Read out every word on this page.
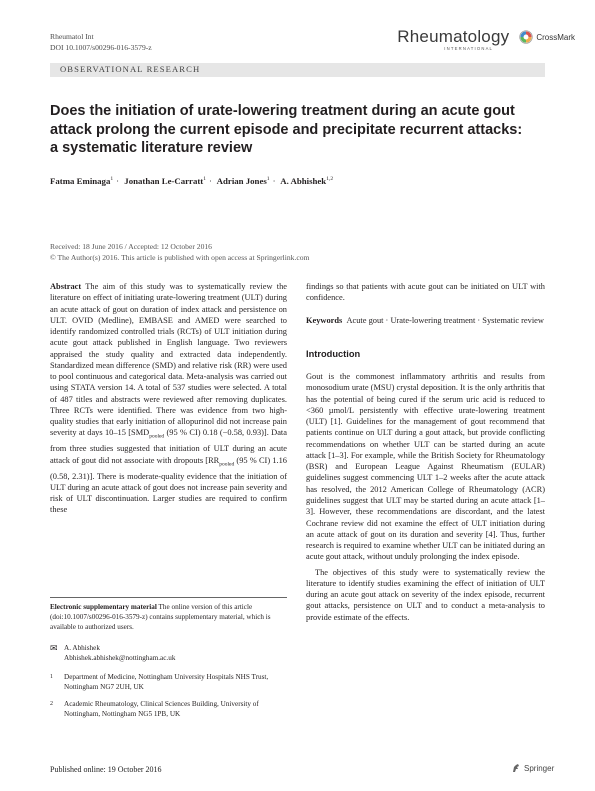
Rheumatol Int
DOI 10.1007/s00296-016-3579-z
Rheumatology
INTERNATIONAL
CrossMark
OBSERVATIONAL RESEARCH
Does the initiation of urate-lowering treatment during an acute gout attack prolong the current episode and precipitate recurrent attacks: a systematic literature review
Fatma Eminaga$^1$ · Jonathan Le-Carratt$^1$ · Adrian Jones$^1$ · A. Abhishek$^{1,2}$
Received: 18 June 2016 / Accepted: 12 October 2016
© The Author(s) 2016. This article is published with open access at Springerlink.com

Abstract The aim of this study was to systematically review the literature on effect of initiating urate-lowering treatment (ULT) during an acute attack of gout on duration of index attack and persistence on ULT. OVID (Medline), EMBASE and AMED were searched to identify randomized controlled trials (RCTs) of ULT initiation during acute gout attack published in English language. Two reviewers appraised the study quality and extracted data independently. Standardized mean difference (SMD) and relative risk (RR) were used to pool continuous and categorical data. Meta-analysis was carried out using STATA version 14. A total of 537 studies were selected. A total of 487 titles and abstracts were reviewed after removing duplicates. Three RCTs were identified. There was evidence from two high-quality studies that early initiation of allopurinol did not increase pain severity at days 10–15 [$SMD_{pooled}$ (95 % CI) 0.18 (−0.58, 0.93)]. Data from three studies suggested that initiation of ULT during an acute attack of gout did not associate with dropouts [$RR_{pooled}$ (95 % CI) 1.16 (0.58, 2.31)]. There is moderate-quality evidence that the initiation of ULT during an acute attack of gout does not increase pain severity and risk of ULT discontinuation. Larger studies are required to confirm these

Electronic supplementary material The online version of this article (doi:10.1007/s00296-016-3579-z) contains supplementary material, which is available to authorized users.
✉ A. Abhishek
Abhishek.abhishek@nottingham.ac.uk
1	Department of Medicine, Nottingham University Hospitals NHS Trust, Nottingham NG7 2UH, UK
2	Academic Rheumatology, Clinical Sciences Building, University of Nottingham, Nottingham NG5 1PB, UK

findings so that patients with acute gout can be initiated on ULT with confidence.

Keywords Acute gout · Urate-lowering treatment · Systematic review

Introduction

Gout is the commonest inflammatory arthritis and results from monosodium urate (MSU) crystal deposition. It is the only arthritis that has the potential of being cured if the serum uric acid is reduced to <360 µmol/L persistently with effective urate-lowering treatment (ULT) [1]. Guidelines for the management of gout recommend that patients continue on ULT during a gout attack, but provide conflicting recommendations on whether ULT can be started during an acute attack [1–3]. For example, while the British Society for Rheumatology (BSR) and European League Against Rheumatism (EULAR) guidelines suggest commencing ULT 1–2 weeks after the acute attack has resolved, the 2012 American College of Rheumatology (ACR) guidelines suggest that ULT may be started during an acute attack [1–3]. However, these recommendations are discordant, and the latest Cochrane review did not examine the effect of ULT initiation during an acute attack of gout on its duration and severity [4]. Thus, further research is required to examine whether ULT can be initiated during an acute gout attack, without unduly prolonging the index episode.

The objectives of this study were to systematically review the literature to identify studies examining the effect of initiation of ULT during an acute gout attack on severity of the index episode, recurrent gout attacks, persistence on ULT and to conduct a meta-analysis to provide estimate of the effects.

Published online: 19 October 2016	Springer
